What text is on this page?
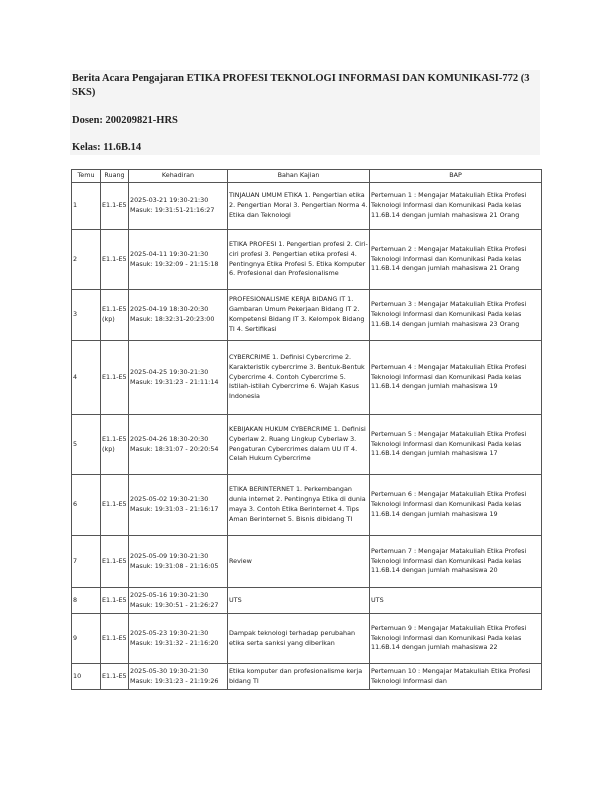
Berita Acara Pengajaran ETIKA PROFESI TEKNOLOGI INFORMASI DAN KOMUNIKASI-772 (3 SKS)
Dosen: 200209821-HRS
Kelas: 11.6B.14
Temu	Ruang	Kehadiran	Bahan Kajian	BAP
1	E1.1-E5	2025-03-21 19:30-21:30 Masuk: 19:31:51-21:16:27	TINJAUAN UMUM ETIKA 1. Pengertian etika 2. Pengertian Moral 3. Pengertian Norma 4. Etika dan Teknologi	Pertemuan 1 : Mengajar Matakuliah Etika Profesi Teknologi Informasi dan Komunikasi Pada kelas 11.6B.14 dengan jumlah mahasiswa 21 Orang
2	E1.1-E5	2025-04-11 19:30-21:30 Masuk: 19:32:09 - 21:15:18	ETIKA PROFESI 1. Pengertian profesi 2. Ciri-ciri profesi 3. Pengertian etika profesi 4. Pentingnya Etika Profesi 5. Etika Komputer 6. Profesional dan Profesionalisme	Pertemuan 2 : Mengajar Matakuliah Etika Profesi Teknologi Informasi dan Komunikasi Pada kelas 11.6B.14 dengan jumlah mahasiswa 21 Orang
3	E1.1-E5 (kp)	2025-04-19 18:30-20:30 Masuk: 18:32:31-20:23:00	PROFESIONALISME KERJA BIDANG IT 1. Gambaran Umum Pekerjaan Bidang IT 2. Kompetensi Bidang IT 3. Kelompok Bidang TI 4. Sertifikasi	Pertemuan 3 : Mengajar Matakuliah Etika Profesi Teknologi Informasi dan Komunikasi Pada kelas 11.6B.14 dengan jumlah mahasiswa 23 Orang
4	E1.1-E5	2025-04-25 19:30-21:30 Masuk: 19:31:23 - 21:11:14	CYBERCRIME 1. Definisi Cybercrime 2. Karakteristik cybercrime 3. Bentuk-Bentuk Cybercrime 4. Contoh Cybercrime 5. Istilah-istilah Cybercrime 6. Wajah Kasus Indonesia	Pertemuan 4 : Mengajar Matakuliah Etika Profesi Teknologi Informasi dan Komunikasi Pada kelas 11.6B.14 dengan jumlah mahasiswa 19
5	E1.1-E5 (kp)	2025-04-26 18:30-20:30 Masuk: 18:31:07 - 20:20:54	KEBIJAKAN HUKUM CYBERCRIME 1. Definisi Cyberlaw 2. Ruang Lingkup Cyberlaw 3. Pengaturan Cybercrimes dalam UU IT 4. Celah Hukum Cybercrime	Pertemuan 5 : Mengajar Matakuliah Etika Profesi Teknologi Informasi dan Komunikasi Pada kelas 11.6B.14 dengan jumlah mahasiswa 17
6	E1.1-E5	2025-05-02 19:30-21:30 Masuk: 19:31:03 - 21:16:17	ETIKA BERINTERNET 1. Perkembangan dunia internet 2. Pentingnya Etika di dunia maya 3. Contoh Etika Berinternet 4. Tips Aman Berinternet 5. Bisnis dibidang TI	Pertemuan 6 : Mengajar Matakuliah Etika Profesi Teknologi Informasi dan Komunikasi Pada kelas 11.6B.14 dengan jumlah mahasiswa 19
7	E1.1-E5	2025-05-09 19:30-21:30 Masuk: 19:31:08 - 21:16:05	Review	Pertemuan 7 : Mengajar Matakuliah Etika Profesi Teknologi Informasi dan Komunikasi Pada kelas 11.6B.14 dengan jumlah mahasiswa 20
8	E1.1-E5	2025-05-16 19:30-21:30 Masuk: 19:30:51 - 21:26:27	UTS	UTS
9	E1.1-E5	2025-05-23 19:30-21:30 Masuk: 19:31:32 - 21:16:20	Dampak teknologi terhadap perubahan etika serta sanksi yang diberikan	Pertemuan 9 : Mengajar Matakuliah Etika Profesi Teknologi Informasi dan Komunikasi Pada kelas 11.6B.14 dengan jumlah mahasiswa 22
10	E1.1-E5	2025-05-30 19:30-21:30 Masuk: 19:31:23 - 21:19:26	Etika komputer dan profesionalisme kerja bidang TI	Pertemuan 10 : Mengajar Matakuliah Etika Profesi Teknologi Informasi dan
